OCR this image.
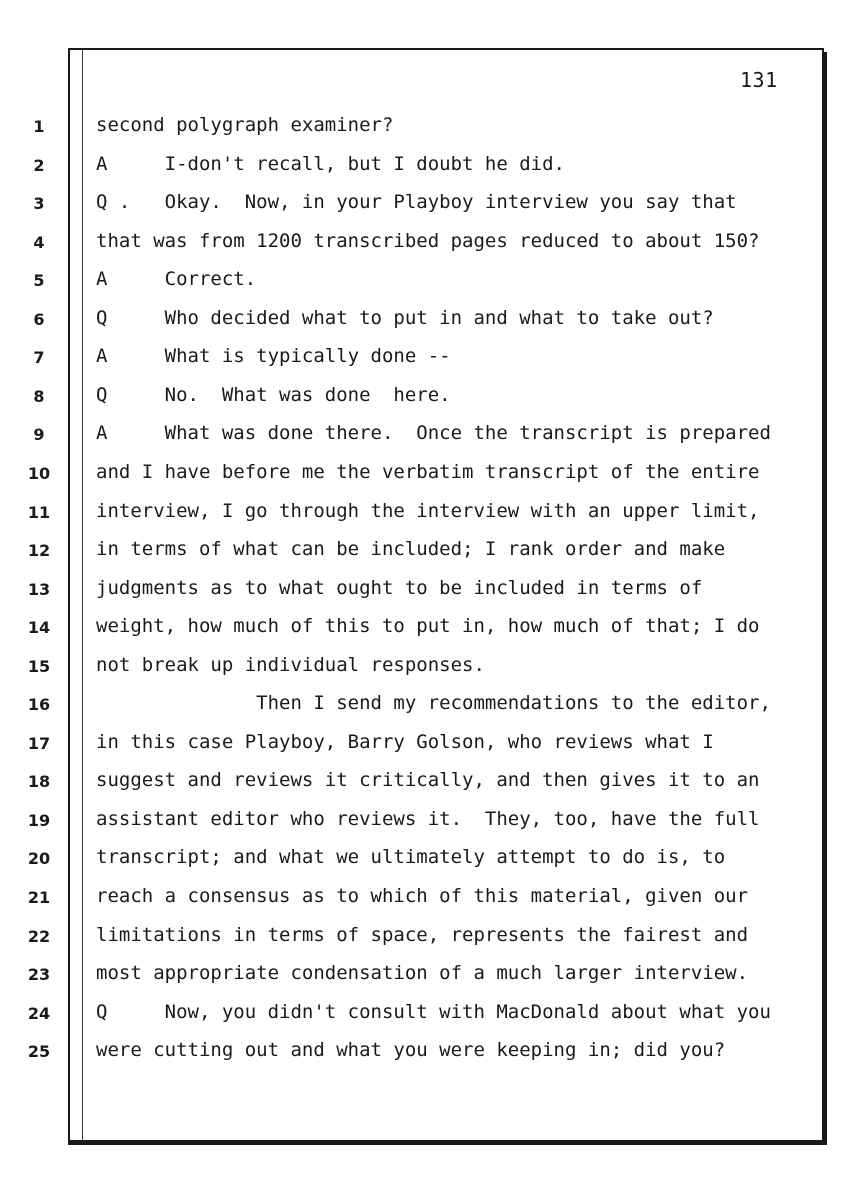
131
1	second polygraph examiner?
2	A     I-don't recall, but I doubt he did.
3	Q .   Okay.  Now, in your Playboy interview you say that
4	that was from 1200 transcribed pages reduced to about 150?
5	A     Correct.
6	Q     Who decided what to put in and what to take out?
7	A     What is typically done --
8	Q     No.  What was done  here.
9	A     What was done there.  Once the transcript is prepared
10 and I have before me the verbatim transcript of the entire
11 interview, I go through the interview with an upper limit,
12 in terms of what can be included; I rank order and make
13 judgments as to what ought to be included in terms of
14 weight, how much of this to put in, how much of that; I do
15 not break up individual responses.
16 Then I send my recommendations to the editor,
17 in this case Playboy, Barry Golson, who reviews what I
18 suggest and reviews it critically, and then gives it to an
19 assistant editor who reviews it.  They, too, have the full
20 transcript; and what we ultimately attempt to do is, to
21 reach a consensus as to which of this material, given our
22 limitations in terms of space, represents the fairest and
23 most appropriate condensation of a much larger interview.
24 Q     Now, you didn't consult with MacDonald about what you
25 were cutting out and what you were keeping in; did you?
